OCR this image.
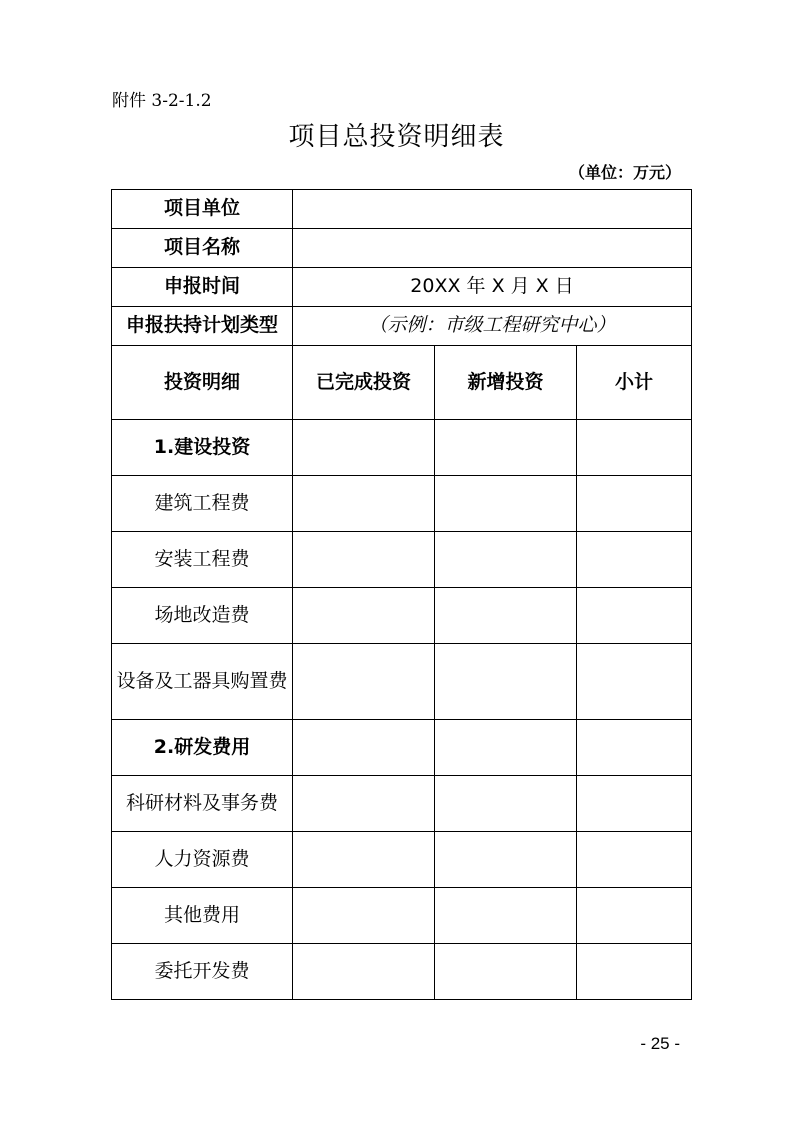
附件 3-2-1.2
项目总投资明细表
（单位：万元）
项目单位			
项目名称			
申报时间	20XX 年 X 月 X 日		
申报扶持计划类型	（示例：市级工程研究中心）		
投资明细	已完成投资	新增投资	小计
1.建设投资			
建筑工程费			
安装工程费			
场地改造费			
设备及工器具购置费			
2.研发费用			
科研材料及事务费			
人力资源费			
其他费用			
委托开发费			
- 25 -
